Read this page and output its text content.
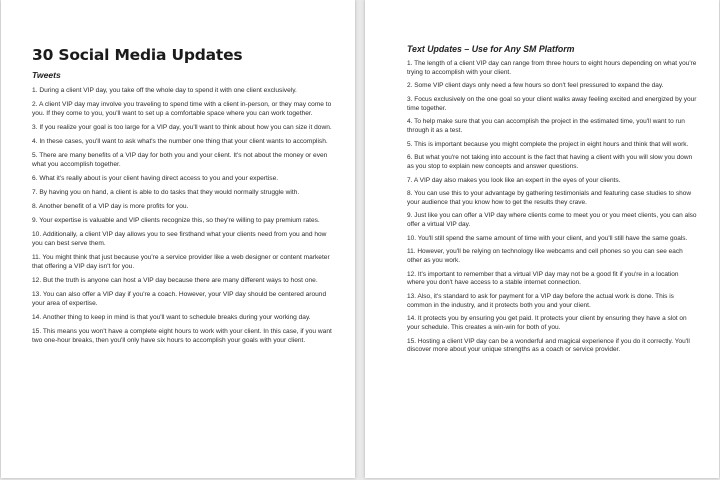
30 Social Media Updates
Tweets

1. During a client VIP day, you take off the whole day to spend it with one client exclusively.

2. A client VIP day may involve you traveling to spend time with a client in-person, or they may come to you. If they come to you, you'll want to set up a comfortable space where you can work together.

3. If you realize your goal is too large for a VIP day, you'll want to think about how you can size it down.

4. In these cases, you'll want to ask what's the number one thing that your client wants to accomplish.

5. There are many benefits of a VIP day for both you and your client. It's not about the money or even what you accomplish together.

6. What it's really about is your client having direct access to you and your expertise.

7. By having you on hand, a client is able to do tasks that they would normally struggle with.

8. Another benefit of a VIP day is more profits for you.

9. Your expertise is valuable and VIP clients recognize this, so they're willing to pay premium rates.

10. Additionally, a client VIP day allows you to see firsthand what your clients need from you and how you can best serve them.

11. You might think that just because you're a service provider like a web designer or content marketer that offering a VIP day isn't for you.

12. But the truth is anyone can host a VIP day because there are many different ways to host one.

13. You can also offer a VIP day if you're a coach. However, your VIP day should be centered around your area of expertise.

14. Another thing to keep in mind is that you'll want to schedule breaks during your working day.

15. This means you won't have a complete eight hours to work with your client. In this case, if you want two one-hour breaks, then you'll only have six hours to accomplish your goals with your client.

Text Updates – Use for Any SM Platform

1. The length of a client VIP day can range from three hours to eight hours depending on what you're trying to accomplish with your client.

2. Some VIP client days only need a few hours so don't feel pressured to expand the day.

3. Focus exclusively on the one goal so your client walks away feeling excited and energized by your time together.

4. To help make sure that you can accomplish the project in the estimated time, you'll want to run through it as a test.

5. This is important because you might complete the project in eight hours and think that will work.

6. But what you're not taking into account is the fact that having a client with you will slow you down as you stop to explain new concepts and answer questions.

7. A VIP day also makes you look like an expert in the eyes of your clients.

8. You can use this to your advantage by gathering testimonials and featuring case studies to show your audience that you know how to get the results they crave.

9. Just like you can offer a VIP day where clients come to meet you or you meet clients, you can also offer a virtual VIP day.

10. You'll still spend the same amount of time with your client, and you'll still have the same goals.

11. However, you'll be relying on technology like webcams and cell phones so you can see each other as you work.

12. It's important to remember that a virtual VIP day may not be a good fit if you're in a location where you don't have access to a stable internet connection.

13. Also, it's standard to ask for payment for a VIP day before the actual work is done. This is common in the industry, and it protects both you and your client.

14. It protects you by ensuring you get paid. It protects your client by ensuring they have a slot on your schedule. This creates a win-win for both of you.

15. Hosting a client VIP day can be a wonderful and magical experience if you do it correctly. You'll discover more about your unique strengths as a coach or service provider.
